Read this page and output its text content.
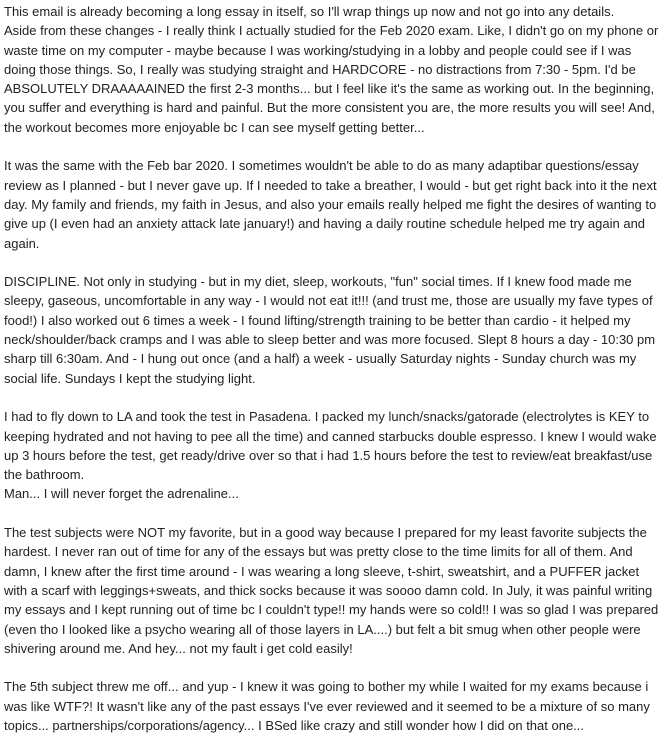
This email is already becoming a long essay in itself, so I'll wrap things up now and not go into any details.
Aside from these changes - I really think I actually studied for the Feb 2020 exam. Like, I didn't go on my phone or
waste time on my computer - maybe because I was working/studying in a lobby and people could see if I was
doing those things. So, I really was studying straight and HARDCORE - no distractions from 7:30 - 5pm. I'd be
ABSOLUTELY DRAAAAAINED the first 2-3 months... but I feel like it's the same as working out. In the beginning,
you suffer and everything is hard and painful. But the more consistent you are, the more results you will see! And,
the workout becomes more enjoyable bc I can see myself getting better...
It was the same with the Feb bar 2020. I sometimes wouldn't be able to do as many adaptibar questions/essay
review as I planned - but I never gave up. If I needed to take a breather, I would - but get right back into it the next
day. My family and friends, my faith in Jesus, and also your emails really helped me fight the desires of wanting to
give up (I even had an anxiety attack late january!) and having a daily routine schedule helped me try again and
again.
DISCIPLINE. Not only in studying - but in my diet, sleep, workouts, "fun" social times. If I knew food made me
sleepy, gaseous, uncomfortable in any way - I would not eat it!!! (and trust me, those are usually my fave types of
food!) I also worked out 6 times a week - I found lifting/strength training to be better than cardio - it helped my
neck/shoulder/back cramps and I was able to sleep better and was more focused. Slept 8 hours a day - 10:30 pm
sharp till 6:30am. And - I hung out once (and a half) a week - usually Saturday nights - Sunday church was my
social life. Sundays I kept the studying light.
I had to fly down to LA and took the test in Pasadena. I packed my lunch/snacks/gatorade (electrolytes is KEY to
keeping hydrated and not having to pee all the time) and canned starbucks double espresso. I knew I would wake
up 3 hours before the test, get ready/drive over so that i had 1.5 hours before the test to review/eat breakfast/use
the bathroom.
Man... I will never forget the adrenaline...
The test subjects were NOT my favorite, but in a good way because I prepared for my least favorite subjects the
hardest. I never ran out of time for any of the essays but was pretty close to the time limits for all of them. And
damn, I knew after the first time around - I was wearing a long sleeve, t-shirt, sweatshirt, and a PUFFER jacket
with a scarf with leggings+sweats, and thick socks because it was soooo damn cold. In July, it was painful writing
my essays and I kept running out of time bc I couldn't type!! my hands were so cold!! I was so glad I was prepared
(even tho I looked like a psycho wearing all of those layers in LA....) but felt a bit smug when other people were
shivering around me. And hey... not my fault i get cold easily!
The 5th subject threw me off... and yup - I knew it was going to bother my while I waited for my exams because i
was like WTF?! It wasn't like any of the past essays I've ever reviewed and it seemed to be a mixture of so many
topics... partnerships/corporations/agency... I BSed like crazy and still wonder how I did on that one...
